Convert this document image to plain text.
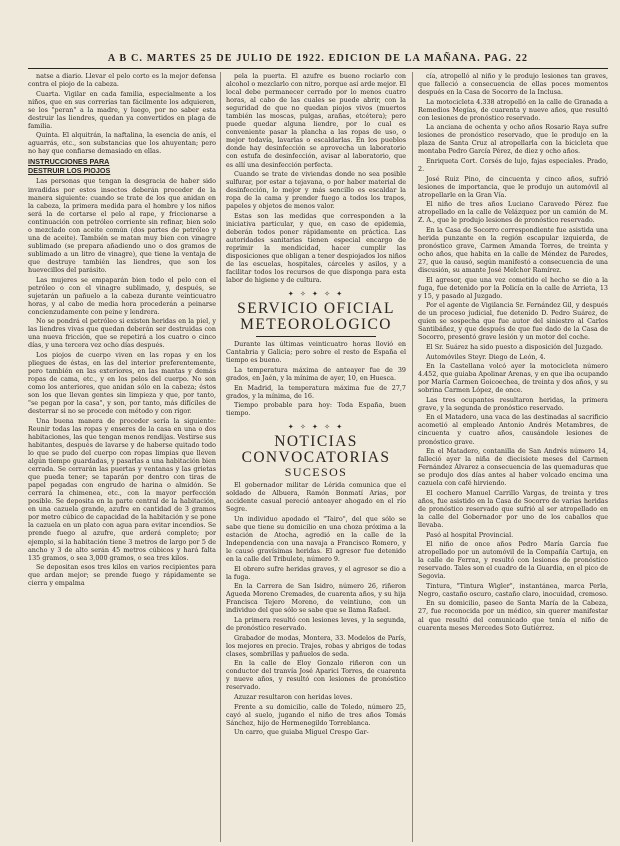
A B C. MARTES 25 DE JULIO DE 1922. EDICION DE LA MAÑANA. PAG. 22

natse a diario. Llevar el pelo corto es la mejor defensa contra el piojo de la cabeza.

Cuarta. Vigilar en cada familia, especialmente a los niños, que en sus correrías tan fácilmente los adquieren, se los "peran" a la madre, y luego, por no saber esta destruir las liendres, quedan ya convertidos en plaga de familia.

Quinta. El alquitrán, la naftalina, la esencia de anís, el aguarrás, etc., son substancias que los ahuyentan; pero no hay que confiarse demasiado en ellas.

INSTRUCCIONES PARA
DESTRUIR LOS PIOJOS

Las personas que tengan la desgracia de haber sido invadidas por estos insectos deberán proceder de la manera siguiente: cuando se trate de los que anidan en la cabeza, la primera medida para el hombre y los niños será la de cortarse el pelo al rape, y friccionarse a continuación con petróleo corriente sin refinar, bien solo o mezclado con aceite común (dos partes de petróleo y una de aceite). También se matan muy bien con vinagre sublimado (se prepara añadiendo uno o dos gramos de sublimado a un litro de vinagre), que tiene la ventaja de que destruye también las liendres, que son los huevecillos del parásito.

Las mujeres se empaparán bien todo el pelo con el petróleo o con el vinagre sublimado, y, después, se sujetarán un pañuelo a la cabeza durante veinticuatro horas, y al cabo de media hora procederán a peinarse concienzudamente con peine y lendrera.

No se pondrá el petróleo si existen heridas en la piel, y las liendres vivas que quedan deberán ser destruidas con una nueva fricción, que se repetirá a los cuatro o cinco días, y una tercera vez ocho días después.

Los piojos de cuerpo viven en las ropas y en los pliegues de éstas, en las del interior preferentemente, pero también en las exteriores, en las mantas y demás ropas de cama, etc., y en los pelos del cuerpo. No son como los anteriores, que anidan sólo en la cabeza; éstos son los que llevan gentes sin limpieza y que, por tanto, "se pegan por la casa", y son, por tanto, más difíciles de desterrar si no se procede con método y con rigor.

Una buena manera de proceder sería la siguiente: Reunir todas las ropas y enseres de la casa en una o dos habitaciones, las que tengan menos rendijas. Vestirse sus habitantes, después de lavarse y de haberse quitado todo lo que se pudo del cuerpo con ropas limpias que lleven algún tiempo guardadas, y pasarlas a una habitación bien cerrada. Se cerrarán las puertas y ventanas y las grietas que pueda tener; se taparán por dentro con tiras de papel pegadas con engrudo de harina o almidón. Se cerrará la chimenea, etc., con la mayor perfección posible. Se deposita en la parte central de la habitación, en una cazuela grande, azufre en cantidad de 3 gramos por metro cúbico de capacidad de la habitación y se pone la cazuela en un plato con agua para evitar incendios. Se prende fuego al azufre, que arderá completo; por ejemplo, si la habitación tiene 3 metros de largo por 5 de ancho y 3 de alto serán 45 metros cúbicos y hará falta 135 gramos, o sea 3,000 gramos, o sea tres kilos.

Se depositan esos tres kilos en varios recipientes para que ardan mejor; se prende fuego y rápidamente se cierra y empalma

pela la puerta. El azufre es bueno rociarlo con alcohol o mezclarlo con nitro, porque así arde mejor. El local debe permanecer cerrado por lo menos cuatro horas, al cabo de las cuales se puede abrir, con la seguridad de que no quedan piojos vivos (muertos también las moscas, pulgas, arañas, etcétera); pero puede quedar alguna liendre, por lo cual es conveniente pasar la plancha a las ropas de uso, o mejor todavía, lavarlas o escaldarlas. En los pueblos donde hay desinfección se aprovecha un laboratorio con estufa de desinfección, avisar al laboratorio, que es allí una desinfección perfecta.

Cuando se trate de viviendas donde no sea posible sulfurar, por estar a tejavana, o por haber material de desinfección, lo mejor y más sencillo es escaldar la ropa de la cama y prender fuego a todos los trapos, papeles y objetos de menos valor.

Estas son las medidas que corresponden a la iniciativa particular, y que, en caso de epidemia, deberán todos poner rápidamente en práctica. Las autoridades sanitarias tienen especial encargo de reprimir la mendicidad, hacer cumplir las disposiciones que obligan a tener despiojados los niños de las escuelas, hospitales, cárceles y asilos, y a facilitar todos los recursos de que disponga para esta labor de higiene y de cultura.

✦ ✧ ✦ ✧ ✦
SERVICIO OFICIAL
METEOROLOGICO

Durante las últimas veinticuatro horas llovió en Cantabria y Galicia; pero sobre el resto de España el tiempo es bueno.

La temperatura máxima de anteayer fue de 39 grados, en Jaén, y la mínima de ayer, 10, en Huesca.

En Madrid, la temperatura máxima fue de 27,7 grados, y la mínima, de 16.

Tiempo probable para hoy: Toda España, buen tiempo.

✦ ✧ ✦ ✧ ✦
NOTICIAS
CONVOCATORIAS
SUCESOS

El gobernador militar de Lérida comunica que el soldado de Albuera, Ramón Bonmatí Arias, por accidente casual pereció anteayer ahogado en el río Segre.

Un individuo apodado el "Tairo", del que sólo se sabe que tiene su domicilio en una choza próxima a la estación de Atocha, agredió en la calle de la Independencia con una navaja a Francisco Romero, y le causó gravísimas heridas. El agresor fue detenido en la calle del Tribulete, número 9.

El obrero sufre heridas graves, y el agresor se dio a la fuga.

En la Carrera de San Isidro, número 26, riñeron Agueda Moreno Cremades, de cuarenta años, y su hija Francisca Tejero Moreno, de veintiuno, con un individuo del que sólo se sabe que se llama Rafael.

La primera resultó con lesiones leves, y la segunda, de pronóstico reservado.

Grabador de modas, Montera, 33. Modelos de París, los mejores en precio. Trajes, robas y abrigos de todas clases, sombrillas y pañuelos de seda.

En la calle de Eloy Gonzalo riñeron con un conductor del tranvía José Aparici Torres, de cuarenta y nueve años, y resultó con lesiones de pronóstico reservado.

Azuzar resultaron con heridas leves.

Frente a su domicilio, calle de Toledo, número 25, cayó al suelo, jugando el niño de tres años Tomás Sánchez, hijo de Hermenegildo Torreblanca.

Un carro, que guiaba Miguel Crespo Gar-

cía, atropelló al niño y le produjo lesiones tan graves, que falleció a consecuencia de ellas poces momentos después en la Casa de Socorro de la Inclusa.

La motocicleta 4.338 atropelló en la calle de Granada a Remedios Megías, de cuarenta y nueve años, que resultó con lesiones de pronóstico reservado.

La anciana de ochenta y ocho años Rosario Raya sufre lesiones de pronóstico reservado, que le produjo en la plaza de Santa Cruz al atropellarla con la bicicleta que montaba Pedro García Pérez, de diez y ocho años.

Enriqueta Cort. Corsés de lujo, fajas especiales. Prado, 2.

José Ruiz Pino, de cincuenta y cinco años, sufrió lesiones de importancia, que le produjo un automóvil al atropellarle en la Gran Vía.

El niño de tres años Luciano Caravedo Pérez fue atropellado en la calle de Velázquez por un camión de M. Z. A., que le produjo lesiones de pronóstico reservado.

En la Casa de Socorro correspondiente fue asistida una herida punzante en la región escapular izquierda, de pronóstico grave, Carmen Amanda Torres, de treinta y ocho años, que habita en la calle de Méndez de Paredes, 27, que la causó, según manifestó a consecuencia de una discusión, su amante José Melchor Ramírez.

El agresor, que una vez cometido el hecho se dio a la fuga, fue detenido por la Policía en la calle de Arrieta, 13 y 15, y pasado al Juzgado.

Por el agente de Vigilancia Sr. Fernández Gil, y después de un proceso judicial, fue detenido D. Pedro Suárez, de quien se sospecha que fue autor del siniestro al Carlos Santibáñez, y que después de que fue dado de la Casa de Socorro, presentó grave lesión y un motor del coche.

El Sr. Suárez ha sido puesto a disposición del Juzgado.

Automóviles Steyr. Diego de León, 4.

En la Castellana volcó ayer la motocicleta número 4.452, que guiaba Apolinar Arenas, y en que iba ocupando por María Carmen Goicoechea, de treinta y dos años, y su sobrina Carmen López, de once.

Las tres ocupantes resultaron heridas, la primera grave, y la segunda de pronóstico reservado.

En el Matadero, una vaca de las destinadas al sacrificio acometió al empleado Antonio Andrés Metambres, de cincuenta y cuatro años, causándole lesiones de pronóstico grave.

En el Matadero, contanilla de San Andrés número 14, falleció ayer la niña de diecisiete meses del Carmen Fernández Álvarez a consecuencia de las quemaduras que se produjo dos días antes al haber volcado encima una cazuela con café hirviendo.

El cochero Manuel Carrillo Vargas, de treinta y tres años, fue asistido en la Casa de Socorro de varias heridas de pronóstico reservado que sufrió al ser atropellado en la calle del Gobernador por uno de los caballos que llevaba.

Pasó al hospital Provincial.

El niño de once años Pedro María García fue atropellado por un automóvil de la Compañía Cartuja, en la calle de Ferraz, y resultó con lesiones de pronóstico reservado. Tales son el cuadro de la Guardia, en el pico de Segovia.

Tintura, "Tintura Wigler", instantánea, marca Perla, Negro, castaño oscuro, castaño claro, inocuidad, cremoso.

En su domicilio, paseo de Santa María de la Cabeza, 27, fue reconocida por un médico, sin querer manifestar al que resultó del comunicado que tenía el niño de cuarenta meses Mercedes Soto Gutiérrez.
